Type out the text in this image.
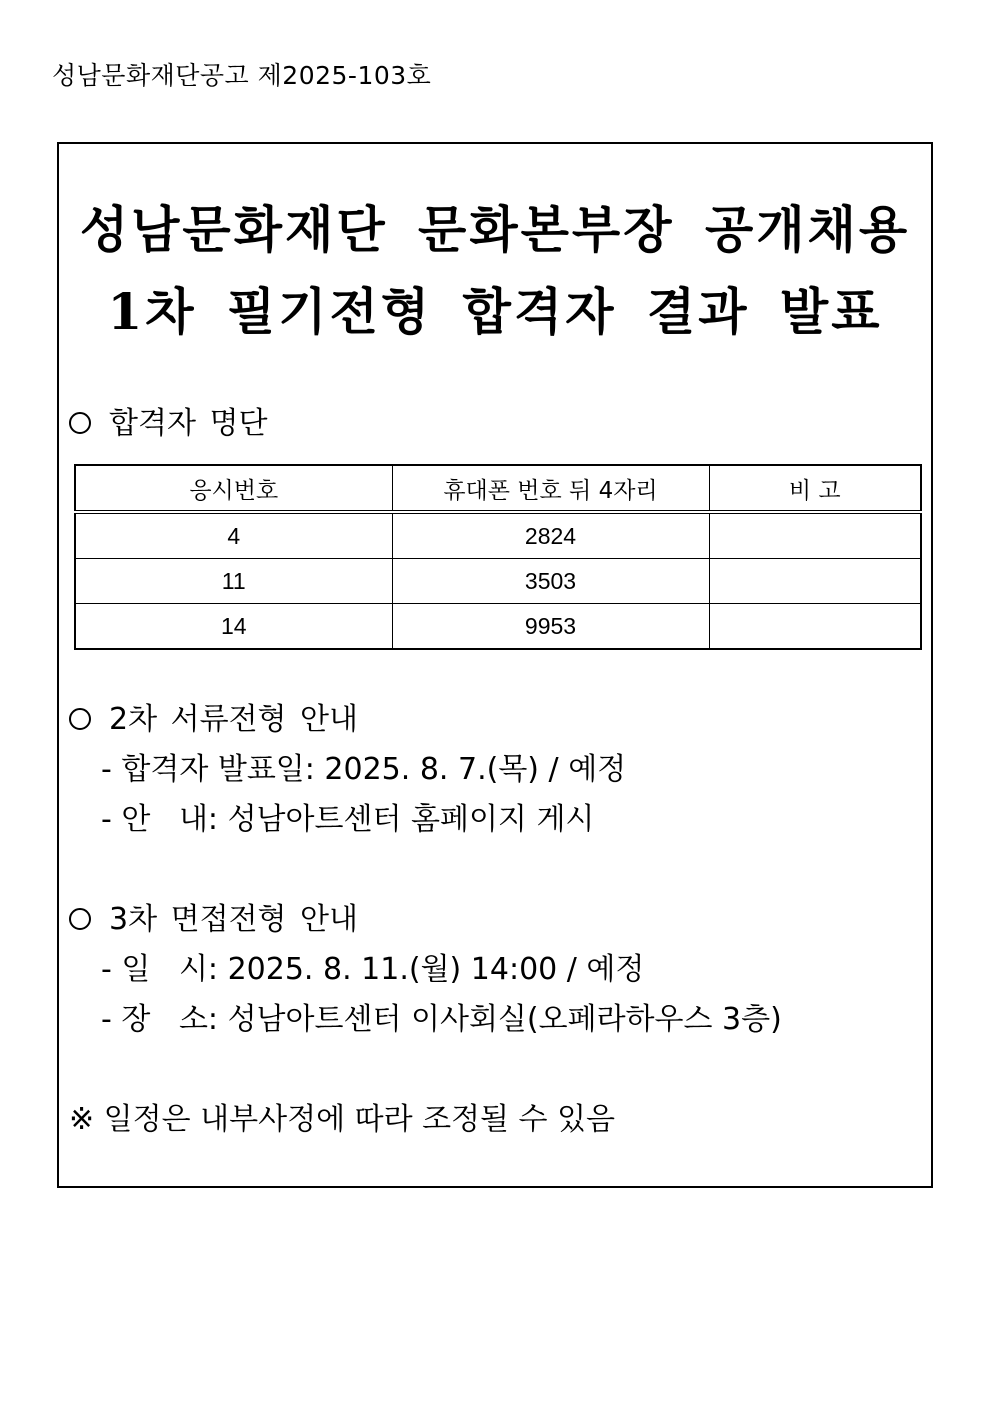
성남문화재단공고 제2025-103호
성남문화재단 문화본부장 공개채용
1차 필기전형 합격자 결과 발표
합격자 명단
응시번호	휴대폰 번호 뒤 4자리	비 고
4	2824	
11	3503	
14	9953	
2차 서류전형 안내
- 합격자 발표일: 2025. 8. 7.(목) / 예정
- 안   내: 성남아트센터 홈페이지 게시
3차 면접전형 안내
- 일   시: 2025. 8. 11.(월) 14:00 / 예정
- 장   소: 성남아트센터 이사회실(오페라하우스 3층)
※ 일정은 내부사정에 따라 조정될 수 있음
